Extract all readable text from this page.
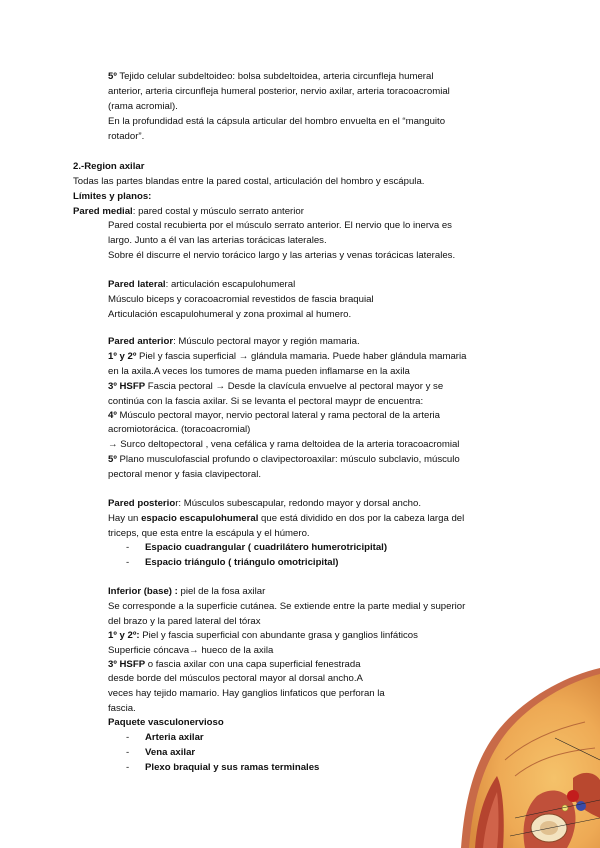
5º Tejido celular subdeltoideo: bolsa subdeltoidea, arteria circunfleja humeral
anterior, arteria circunfleja humeral posterior, nervio axilar, arteria toracoacromial
(rama acromial).
En la profundidad está la cápsula articular del hombro envuelta en el “manguito
rotador”.
2.-Region axilar
Todas las partes blandas entre la pared costal, articulación del hombro y escápula.
Límites y planos:
Pared medial: pared costal y músculo serrato anterior
Pared costal recubierta por el músculo serrato anterior. El nervio que lo inerva es
largo. Junto a él van las arterias torácicas laterales.
Sobre él discurre el nervio torácico largo y las arterias y venas torácicas laterales.
Pared lateral: articulación escapulohumeral
Músculo biceps y coracoacromial revestidos de fascia braquial
Articulación escapulohumeral y zona proximal al humero.
Pared anterior: Músculo pectoral mayor y región mamaria.
1º y 2º Piel y fascia superficial → glándula mamaria. Puede haber glándula mamaria
en la axila.A veces los tumores de mama pueden inflamarse en la axila
3º HSFP Fascia pectoral → Desde la clavícula envuelve al pectoral mayor y se
continúa con la fascia axilar. Si se levanta el pectoral maypr de encuentra:
4º Músculo pectoral mayor, nervio pectoral lateral y rama pectoral de la arteria
acromiotorácica. (toracoacromial)
→ Surco deltopectoral , vena cefálica y rama deltoidea de la arteria toracoacromial
5º Plano musculofascial profundo o clavipectoroaxilar: músculo subclavio, músculo
pectoral menor y fasia clavipectoral.
Pared posterior: Músculos subescapular, redondo mayor y dorsal ancho.
Hay un espacio escapulohumeral que está dividido en dos por la cabeza larga del
triceps, que esta entre la escápula y el húmero.
- Espacio cuadrangular ( cuadrilátero humerotricipital)
- Espacio triángulo ( triángulo omotricipital)
Inferior (base) : piel de la fosa axilar
Se corresponde a la superficie cutánea. Se extiende entre la parte medial y superior
del brazo y la pared lateral del tórax
1º y 2º: Piel y fascia superficial con abundante grasa y ganglios linfáticos
Superficie cóncava→ hueco de la axila
3º HSFP o fascia axilar con una capa superficial fenestrada
desde borde del músculos pectoral mayor al dorsal ancho.A
veces hay tejido mamario. Hay ganglios linfaticos que perforan la
fascia.
Paquete vasculonervioso
- Arteria axilar
- Vena axilar
- Plexo braquial y sus ramas terminales
